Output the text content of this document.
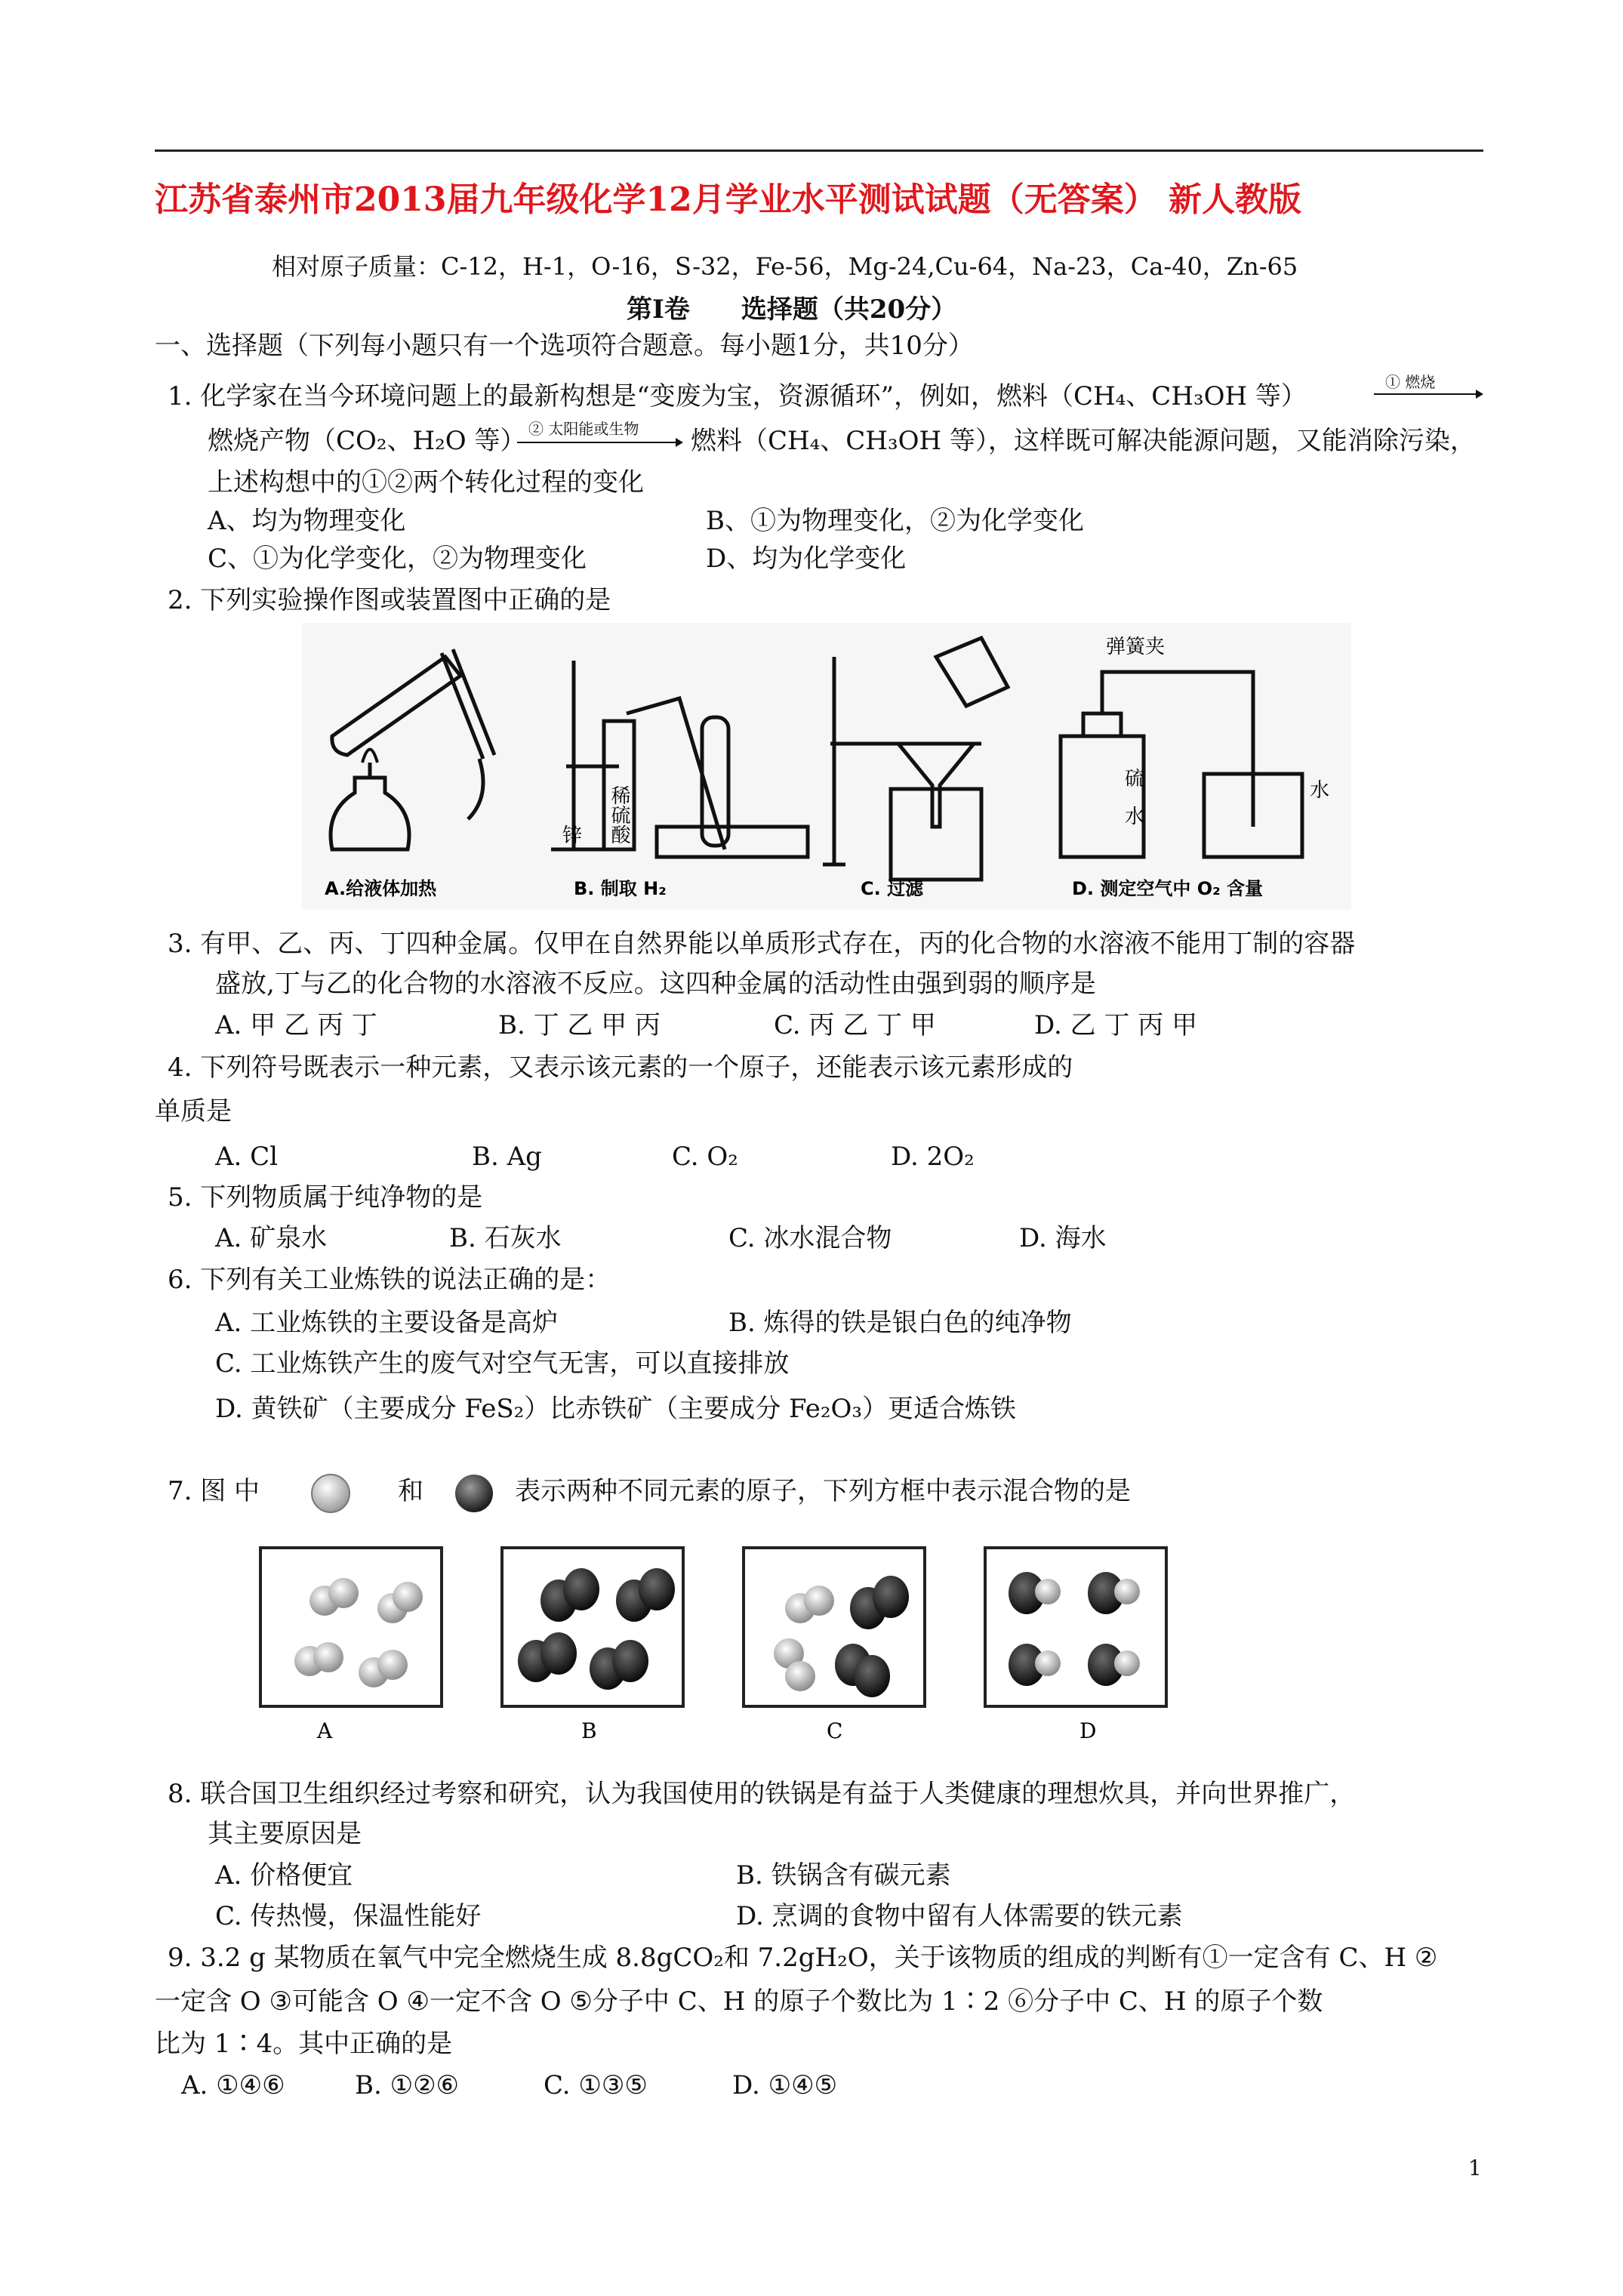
江苏省泰州市2013届九年级化学12月学业水平测试试题（无答案） 新人教版
相对原子质量：C-12，H-1，O-16，S-32，Fe-56，Mg-24,Cu-64，Na-23，Ca-40，Zn-65
第Ⅰ卷　　选择题（共20分）
一、选择题（下列每小题只有一个选项符合题意。每小题1分，共10分）
1. 化学家在当今环境问题上的最新构想是“变废为宝，资源循环”，例如，燃料（CH₄、CH₃OH 等）	① 燃烧
燃烧产物（CO₂、H₂O 等） ② 太阳能或生物 燃料（CH₄、CH₃OH 等），这样既可解决能源问题，又能消除污染，
上述构想中的①②两个转化过程的变化
A、均为物理变化	B、①为物理变化，②为化学变化
C、①为化学变化，②为物理变化	D、均为化学变化
2. 下列实验操作图或装置图中正确的是
稀硫酸
锌
弹簧夹
硫
水
水
A.给液体加热	B. 制取 H₂	C. 过滤	D. 测定空气中 O₂ 含量
3. 有甲、乙、丙、丁四种金属。仅甲在自然界能以单质形式存在，丙的化合物的水溶液不能用丁制的容器
盛放,丁与乙的化合物的水溶液不反应。这四种金属的活动性由强到弱的顺序是
A. 甲 乙 丙 丁	B. 丁 乙 甲 丙	C. 丙 乙 丁 甲	D. 乙 丁 丙 甲
4. 下列符号既表示一种元素，又表示该元素的一个原子，还能表示该元素形成的
单质是
A. Cl	B. Ag	C. O₂	D. 2O₂
5. 下列物质属于纯净物的是
A. 矿泉水	B. 石灰水	C. 冰水混合物	D. 海水
6. 下列有关工业炼铁的说法正确的是：
A. 工业炼铁的主要设备是高炉	B. 炼得的铁是银白色的纯净物
C. 工业炼铁产生的废气对空气无害，可以直接排放
D. 黄铁矿（主要成分 FeS₂）比赤铁矿（主要成分 Fe₂O₃）更适合炼铁
7. 图 中	和	表示两种不同元素的原子，下列方框中表示混合物的是
A	B	C	D
8. 联合国卫生组织经过考察和研究，认为我国使用的铁锅是有益于人类健康的理想炊具，并向世界推广，
其主要原因是
A. 价格便宜	B. 铁锅含有碳元素
C. 传热慢，保温性能好	D. 烹调的食物中留有人体需要的铁元素
9. 3.2 g 某物质在氧气中完全燃烧生成 8.8gCO₂和 7.2gH₂O，关于该物质的组成的判断有①一定含有 C、H ②
一定含 O ③可能含 O ④一定不含 O ⑤分子中 C、H 的原子个数比为 1∶2 ⑥分子中 C、H 的原子个数
比为 1∶4。其中正确的是
A. ①④⑥	B. ①②⑥	C. ①③⑤	D. ①④⑤
1
